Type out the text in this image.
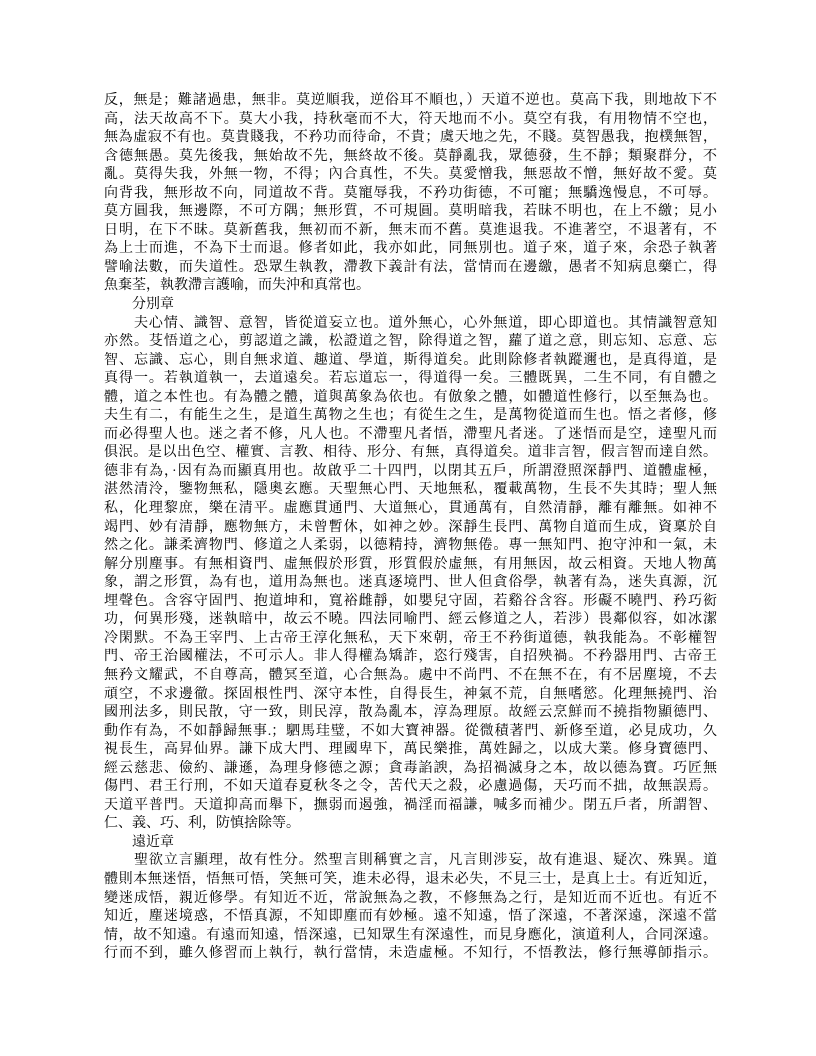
反，無是；難諸過患，無非。莫逆順我，逆俗耳不順也，）天道不逆也。莫高下我，則地故下不
高，法天故高不下。莫大小我，持秋毫而不大，符天地而不小。莫空有我，有用物情不空也，
無為虛寂不有也。莫貴賤我，不矜功而待命，不貴；虞天地之先，不賤。莫智愚我，抱樸無智，
含德無愚。莫先後我，無始故不先，無終故不後。莫靜亂我，眾德發，生不靜；類聚群分，不
亂。莫得失我，外無一物，不得；內合真性，不失。莫愛憎我，無惡故不憎，無好故不愛。莫
向背我，無形故不向，同道故不背。莫寵辱我，不矜功街德，不可寵；無驕逸慢息，不可辱。
莫方圓我，無邊際，不可方隅；無形質，不可規圓。莫明暗我，若昧不明也，在上不繳；見小
日明，在下不昧。莫新舊我，無初而不新，無末而不舊。莫進退我。不進著空，不退著有，不
為上士而進，不為下士而退。修者如此，我亦如此，同無別也。道子來，道子來，余恐子執著
譬喻法數，而失道性。恐眾生執教，滯教下義計有法，當情而在邊繳，愚者不知病息藥亡，得
魚棄荃，執教滯言護喻，而失沖和真常也。
　　分別章
　　夫心情、識智、意智，皆從道妄立也。道外無心，心外無道，即心即道也。其情識智意知
亦然。芟悟道之心，剪認道之識，松證道之智，除得道之智，蘿了道之意，則忘知、忘意、忘
智、忘識、忘心，則自無求道、趣道、學道，斯得道矣。此則除修者執蹤邇也，是真得道，是
真得一。若執道執一，去道遠矣。若忘道忘一，得道得一矣。三體既異，二生不同，有自體之
體，道之本性也。有為體之體，道與萬象為依也。有倣象之體，如體道性修行，以至無為也。
夫生有二，有能生之生，是道生萬物之生也；有從生之生，是萬物從道而生也。悟之者修，修
而必得聖人也。迷之者不修，凡人也。不滯聖凡者悟，滯聖凡者迷。了迷悟而是空，達聖凡而
俱泯。是以出色空、權實、言教、相待、形分、有無，真得道矣。道非言智，假言智而達自然。
德非有為，·因有為而顯真用也。故啟乎二十四門，以閉其五戶，所謂澄照深靜門、道體虛極，
湛然清泠，鑒物無私，隱奧玄應。天聖無心門、天地無私，覆載萬物，生長不失其時；聖人無
私，化理黎庶，樂在清平。虛應貫通門、大道無心，貫通萬有，自然清靜，離有離無。如神不
竭門、妙有清靜，應物無方，未曾暫休，如神之妙。深靜生長門、萬物自道而生成，資稟於自
然之化。謙柔濟物門、修道之人柔弱，以德精持，濟物無倦。專一無知門、抱守沖和一氣，未
解分別塵事。有無相資門、虛無假於形質，形質假於虛無，有用無因，故云相資。天地人物萬
象，謂之形質，為有也，道用為無也。迷真逐境門、世人但貪俗學，執著有為，迷失真源，沉
埋聲色。含容守固門、抱道坤和，寬裕雌靜，如嬰兒守固，若谿谷含容。形礙不曉門、矜巧衒
功，何異形殘，迷執暗中，故云不曉。四法同喻門、經云修道之人，若涉）畏鄰似容，如冰潔
冷閑默。不為王宰門、上古帝王淳化無私，天下來朝，帝王不矜街道德，執我能為。不彰權智
門、帝王治國權法，不可示人。非人得權為矯詐，恣行殘害，自招殃禍。不矜器用門、古帝王
無矜文耀武，不自尊高，體冥至道，心合無為。處中不尚門、不在無不在，有不居塵境，不去
頑空，不求邊徹。探固根性門、深守本性，自得長生，神氣不荒，自無嗜慾。化理無撓門、治
國刑法多，則民散，守一致，則民淳，散為亂本，淳為理原。故經云烹鮮而不撓指物顯德門、
動作有為，不如靜歸無事.；駟馬珪璧，不如大寶神器。從微積著門、新修至道，必見成功，久
視長生，高昇仙界。謙下成大門、理國卑下，萬民樂推，萬姓歸之，以成大業。修身寶德門、
經云慈悲、儉約、謙遜，為理身修德之源；貪毒諂諛，為招禍滅身之本，故以德為寶。巧匠無
傷門、君王行刑，不如天道春夏秋冬之令，苦代天之殺，必慮過傷，天巧而不拙，故無誤焉。
天道平普門。天道抑高而舉下，撫弱而遏強，禍淫而福謙，喊多而補少。閉五戶者，所謂智、
仁、義、巧、利，防慎捨除等。
　　遠近章
　　聖欲立言顯理，故有性分。然聖言則稱實之言，凡言則涉妄，故有進退、疑次、殊異。道
體則本無迷悟，悟無可悟，笑無可笑，進未必得，退未必失，不見三士，是真上士。有近知近，
變迷成悟，親近修學。有知近不近，常說無為之教，不修無為之行，是知近而不近也。有近不
知近，塵迷境惑，不悟真源，不知即塵而有妙極。遠不知遠，悟了深遠，不著深遠，深遠不當
情，故不知遠。有遠而知遠，悟深遠，已知眾生有深遠性，而見身應化，演道利人，合同深遠。
行而不到，雖久修習而上執行，執行當情，未造虛極。不知行，不悟教法，修行無導師指示。
